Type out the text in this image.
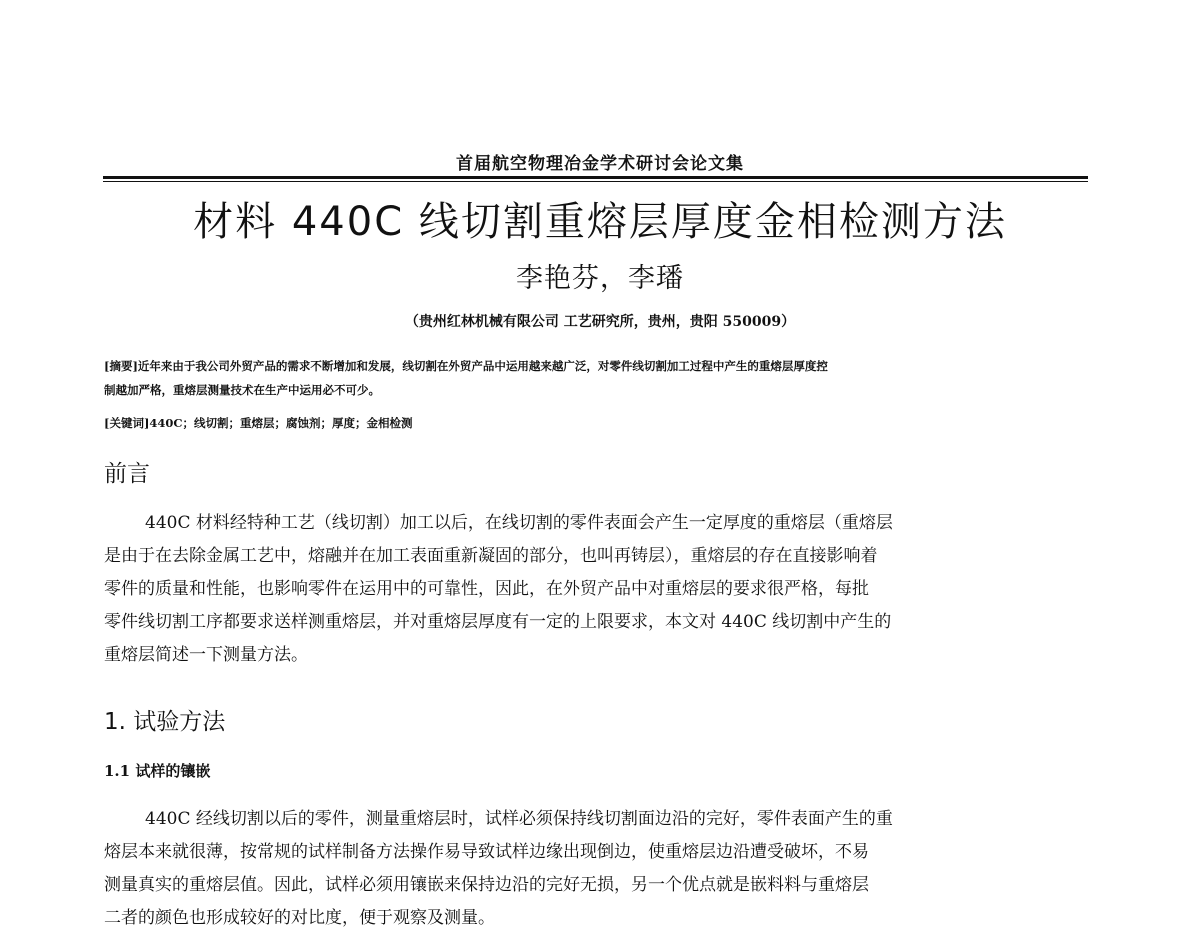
首届航空物理冶金学术研讨会论文集
材料 440C 线切割重熔层厚度金相检测方法
李艳芬，李璠
（贵州红林机械有限公司 工艺研究所，贵州，贵阳 550009）
[摘要]近年来由于我公司外贸产品的需求不断增加和发展，线切割在外贸产品中运用越来越广泛，对零件线切割加工过程中产生的重熔层厚度控
制越加严格，重熔层测量技术在生产中运用必不可少。
[关键词]440C；线切割；重熔层；腐蚀剂；厚度；金相检测
前言
440C 材料经特种工艺（线切割）加工以后，在线切割的零件表面会产生一定厚度的重熔层（重熔层
是由于在去除金属工艺中，熔融并在加工表面重新凝固的部分，也叫再铸层），重熔层的存在直接影响着
零件的质量和性能，也影响零件在运用中的可靠性，因此，在外贸产品中对重熔层的要求很严格，每批
零件线切割工序都要求送样测重熔层，并对重熔层厚度有一定的上限要求，本文对 440C 线切割中产生的
重熔层简述一下测量方法。
1. 试验方法
1.1 试样的镶嵌
440C 经线切割以后的零件，测量重熔层时，试样必须保持线切割面边沿的完好，零件表面产生的重
熔层本来就很薄，按常规的试样制备方法操作易导致试样边缘出现倒边，使重熔层边沿遭受破坏，不易
测量真实的重熔层值。因此，试样必须用镶嵌来保持边沿的完好无损，另一个优点就是嵌料料与重熔层
二者的颜色也形成较好的对比度，便于观察及测量。
